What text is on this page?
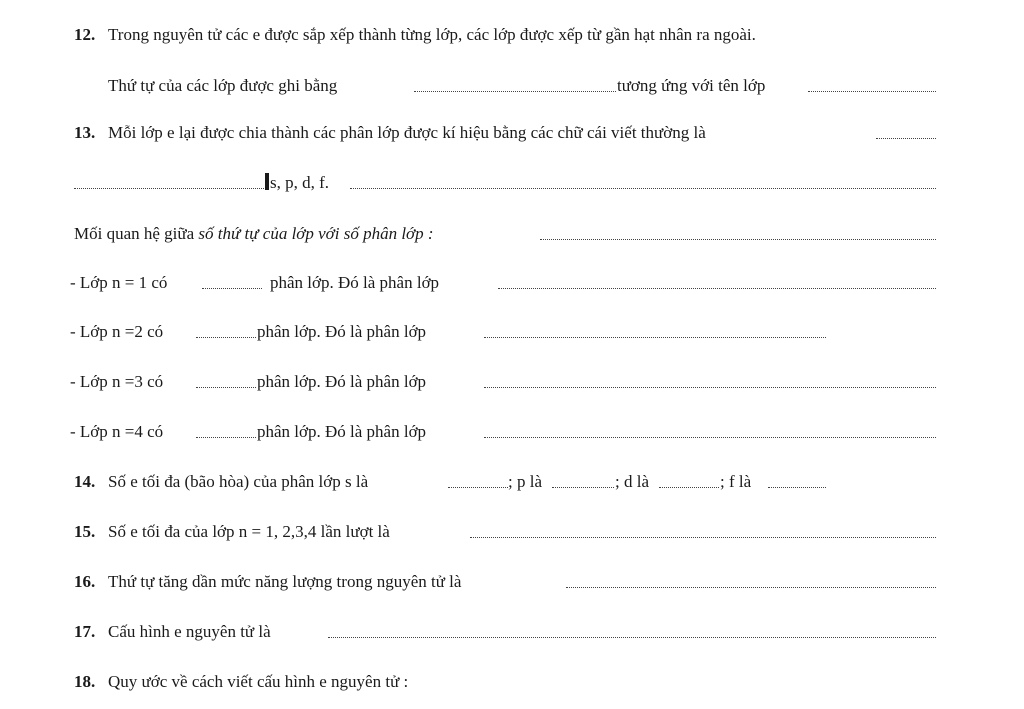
12. Trong nguyên tử các e được sắp xếp thành từng lớp, các lớp được xếp từ gần hạt nhân ra ngoài.
Thứ tự của các lớp được ghi bằng	tương ứng với tên lớp
13. Mỗi lớp e lại được chia thành các phân lớp được kí hiệu bằng các chữ cái viết thường là
s, p, d, f.
Mối quan hệ giữa số thứ tự của lớp với số phân lớp :
- Lớp n = 1 có	phân lớp. Đó là phân lớp
- Lớp n =2 có	phân lớp. Đó là phân lớp
- Lớp n =3 có	phân lớp. Đó là phân lớp
- Lớp n =4 có	phân lớp. Đó là phân lớp
14. Số e tối đa (bão hòa) của phân lớp s là	; p là	; d là	; f là
15. Số e tối đa của lớp n = 1, 2,3,4 lần lượt là
16. Thứ tự tăng dần mức năng lượng trong nguyên tử là
17. Cấu hình e nguyên tử là
18. Quy ước về cách viết cấu hình e nguyên tử :
